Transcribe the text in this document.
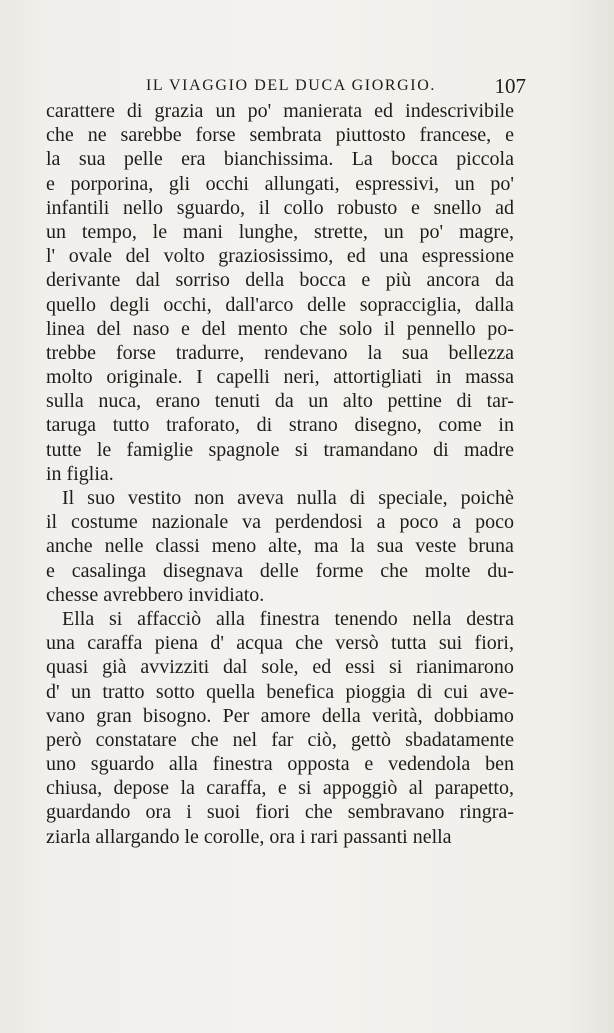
IL VIAGGIO DEL DUCA GIORGIO.	107
carattere di grazia un po' manierata ed indescrivibile
che ne sarebbe forse sembrata piuttosto francese, e
la sua pelle era bianchissima. La bocca piccola
e porporina, gli occhi allungati, espressivi, un po'
infantili nello sguardo, il collo robusto e snello ad
un tempo, le mani lunghe, strette, un po' magre,
l' ovale del volto graziosissimo, ed una espressione
derivante dal sorriso della bocca e più ancora da
quello degli occhi, dall'arco delle sopracciglia, dalla
linea del naso e del mento che solo il pennello po-
trebbe forse tradurre, rendevano la sua bellezza
molto originale. I capelli neri, attortigliati in massa
sulla nuca, erano tenuti da un alto pettine di tar-
taruga tutto traforato, di strano disegno, come in
tutte le famiglie spagnole si tramandano di madre
in figlia.
Il suo vestito non aveva nulla di speciale, poichè
il costume nazionale va perdendosi a poco a poco
anche nelle classi meno alte, ma la sua veste bruna
e casalinga disegnava delle forme che molte du-
chesse avrebbero invidiato.
Ella si affacciò alla finestra tenendo nella destra
una caraffa piena d' acqua che versò tutta sui fiori,
quasi già avvizziti dal sole, ed essi si rianimarono
d' un tratto sotto quella benefica pioggia di cui ave-
vano gran bisogno. Per amore della verità, dobbiamo
però constatare che nel far ciò, gettò sbadatamente
uno sguardo alla finestra opposta e vedendola ben
chiusa, depose la caraffa, e si appoggiò al parapetto,
guardando ora i suoi fiori che sembravano ringra-
ziarla allargando le corolle, ora i rari passanti nella
